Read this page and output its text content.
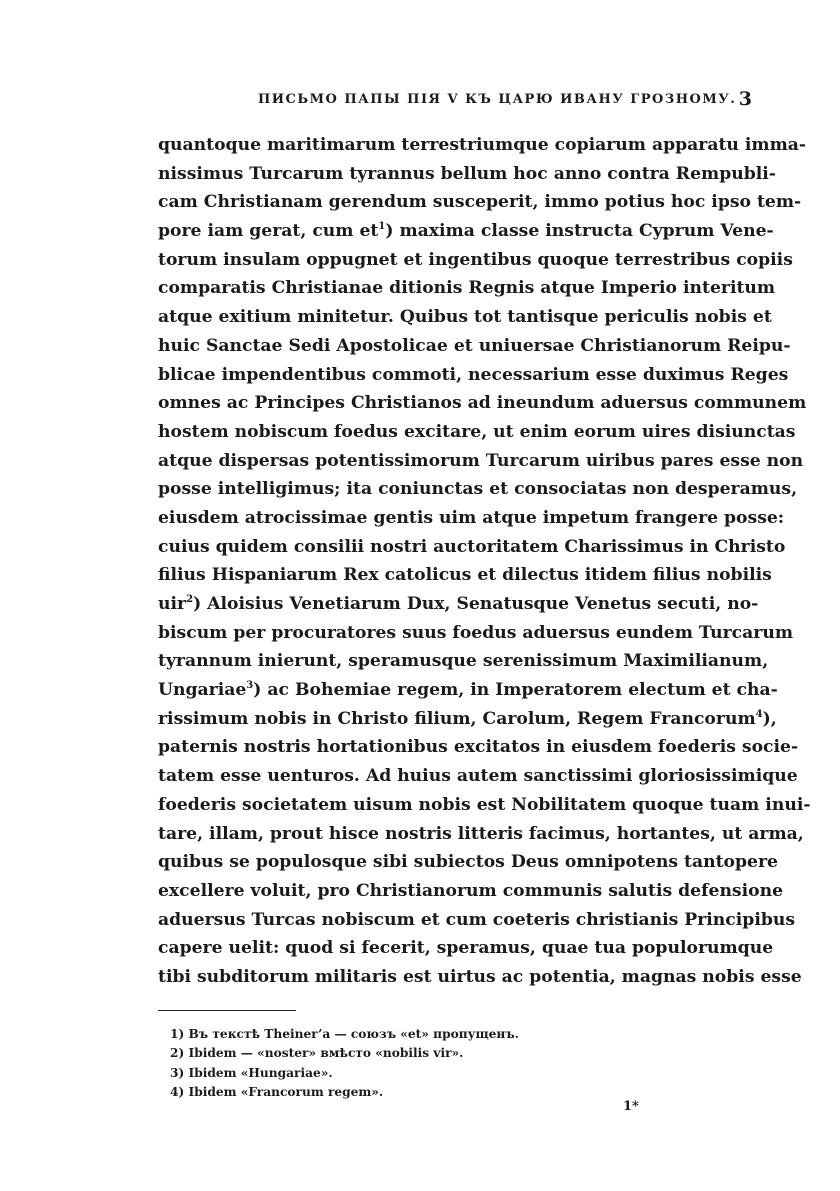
ПИСЬМО ПАПЫ ПІЯ V КЪ ЦАРЮ ИВАНУ ГРОЗНОМУ. 3
quantoque maritimarum terrestriumque copiarum apparatu imma-
nissimus Turcarum tyrannus bellum hoc anno contra Rempubli-
cam Christianam gerendum susceperit, immo potius hoc ipso tem-
pore iam gerat, cum et$^1$) maxima classe instructa Cyprum Vene-
torum insulam oppugnet et ingentibus quoque terrestribus copiis
comparatis Christianae ditionis Regnis atque Imperio interitum
atque exitium minitetur. Quibus tot tantisque periculis nobis et
huic Sanctae Sedi Apostolicae et uniuersae Christianorum Reipu-
blicae impendentibus commoti, necessarium esse duximus Reges
omnes ac Principes Christianos ad ineundum aduersus communem
hostem nobiscum foedus excitare, ut enim eorum uires disiunctas
atque dispersas potentissimorum Turcarum uiribus pares esse non
posse intelligimus; ita coniunctas et consociatas non desperamus,
eiusdem atrocissimae gentis uim atque impetum frangere posse:
cuius quidem consilii nostri auctoritatem Charissimus in Christo
filius Hispaniarum Rex catolicus et dilectus itidem filius nobilis
uir$^2$) Aloisius Venetiarum Dux, Senatusque Venetus secuti, no-
biscum per procuratores suus foedus aduersus eundem Turcarum
tyrannum inierunt, speramusque serenissimum Maximilianum,
Ungariae$^3$) ac Bohemiae regem, in Imperatorem electum et cha-
rissimum nobis in Christo filium, Carolum, Regem Francorum$^4$),
paternis nostris hortationibus excitatos in eiusdem foederis socie-
tatem esse uenturos. Ad huius autem sanctissimi gloriosissimique
foederis societatem uisum nobis est Nobilitatem quoque tuam inui-
tare, illam, prout hisce nostris litteris facimus, hortantes, ut arma,
quibus se populosque sibi subiectos Deus omnipotens tantopere
excellere voluit, pro Christianorum communis salutis defensione
aduersus Turcas nobiscum et cum coeteris christianis Principibus
capere uelit: quod si fecerit, speramus, quae tua populorumque
tibi subditorum militaris est uirtus ac potentia, magnas nobis esse
1) Въ текстѣ Theiner’a — союзъ «et» пропущенъ.
2) Ibidem — «noster» вмѣсто «nobilis vir».
3) Ibidem «Hungariae».
4) Ibidem «Francorum regem».
1*
